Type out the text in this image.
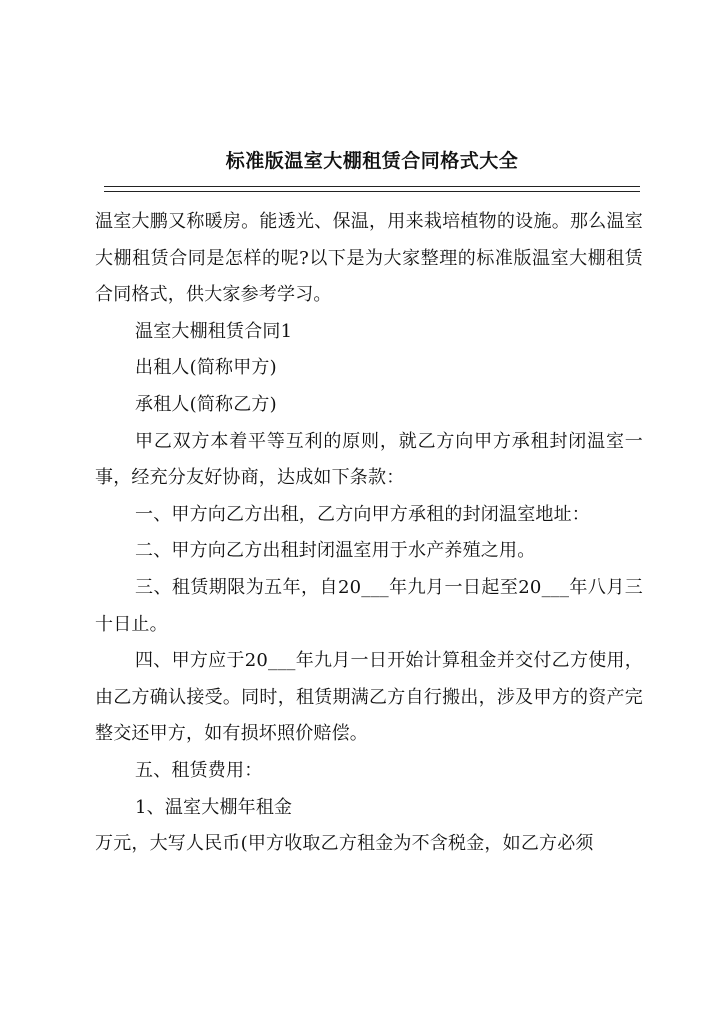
标准版温室大棚租赁合同格式大全

温室大鹏又称暖房。能透光、保温，用来栽培植物的设施。那么温室大棚租赁合同是怎样的呢?以下是为大家整理的标准版温室大棚租赁合同格式，供大家参考学习。

温室大棚租赁合同1

出租人(简称甲方)

承租人(简称乙方)

甲乙双方本着平等互利的原则，就乙方向甲方承租封闭温室一事，经充分友好协商，达成如下条款：

一、甲方向乙方出租，乙方向甲方承租的封闭温室地址：

二、甲方向乙方出租封闭温室用于水产养殖之用。

三、租赁期限为五年，自20___年九月一日起至20___年八月三十日止。

四、甲方应于20___年九月一日开始计算租金并交付乙方使用，由乙方确认接受。同时，租赁期满乙方自行搬出，涉及甲方的资产完整交还甲方，如有损坏照价赔偿。

五、租赁费用：

1、温室大棚年租金

万元，大写人民币(甲方收取乙方租金为不含税金，如乙方必须
